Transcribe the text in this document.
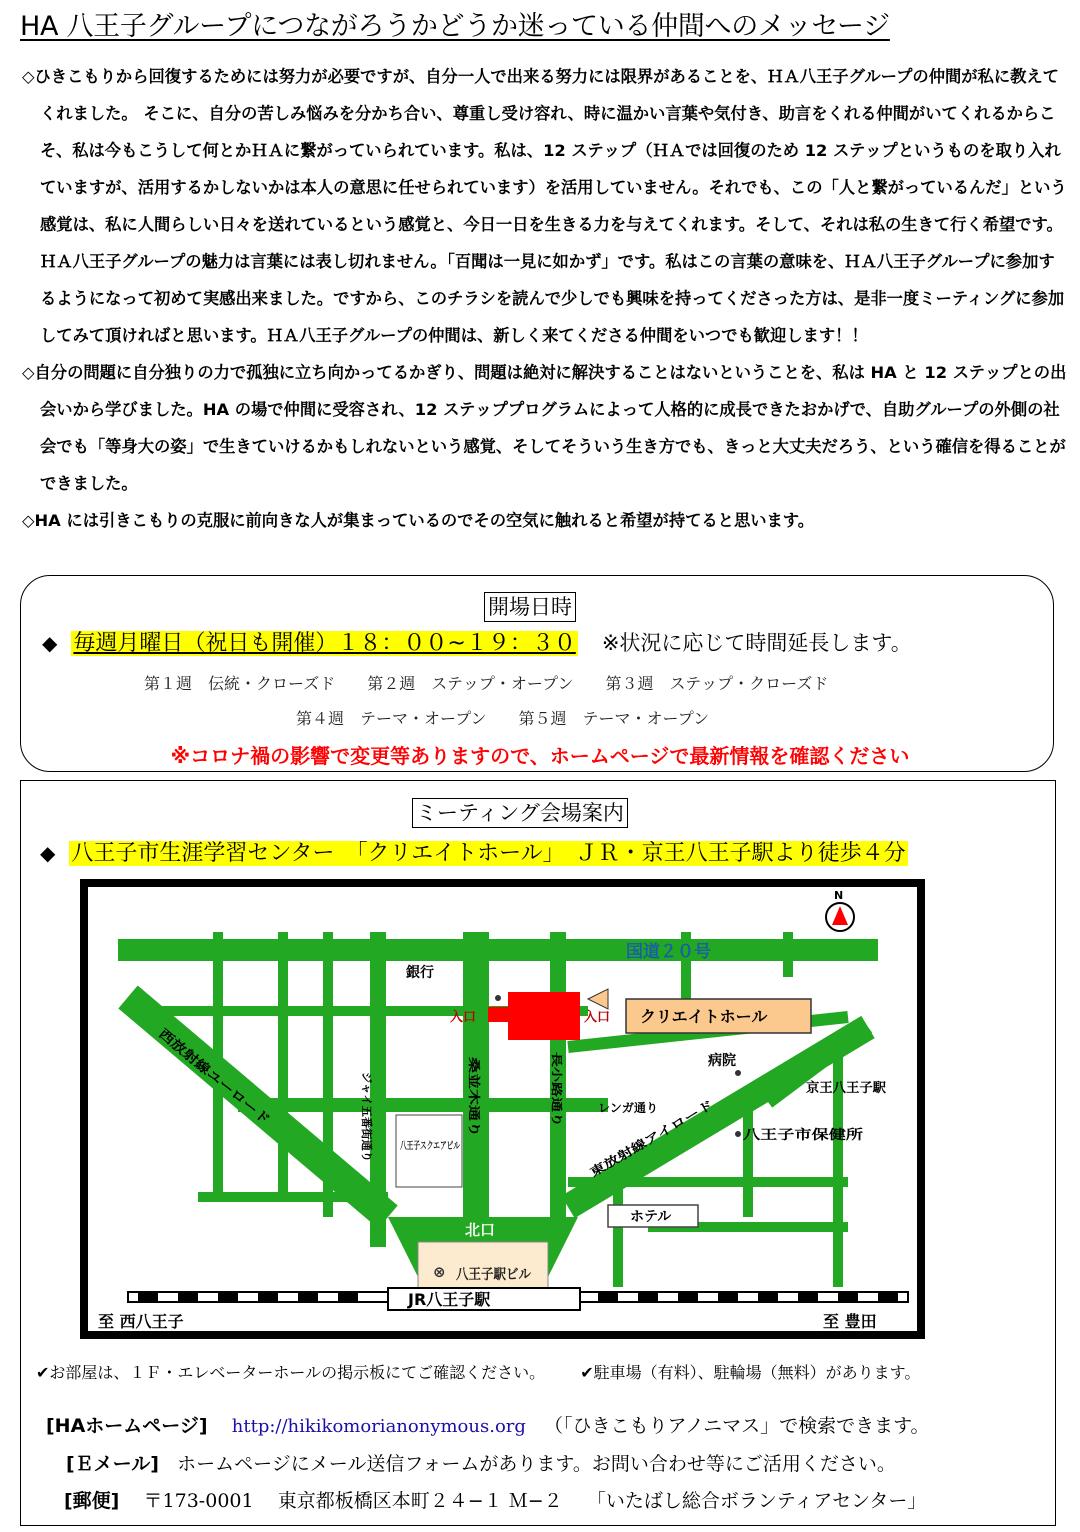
HA 八王子グループにつながろうかどうか迷っている仲間へのメッセージ

◇ひきこもりから回復するためには努力が必要ですが、自分一人で出来る努力には限界があることを、ＨＡ八王子グループの仲間が私に教えてくれました。 そこに、自分の苦しみ悩みを分かち合い、尊重し受け容れ、時に温かい言葉や気付き、助言をくれる仲間がいてくれるからこそ、私は今もこうして何とかＨＡに繋がっていられています。私は、12 ステップ（ＨＡでは回復のため 12 ステップというものを取り入れていますが、活用するかしないかは本人の意思に任せられています）を活用していません。それでも、この「人と繋がっているんだ」という感覚は、私に人間らしい日々を送れているという感覚と、今日一日を生きる力を与えてくれます。そして、それは私の生きて行く希望です。ＨＡ八王子グループの魅力は言葉には表し切れません。「百聞は一見に如かず」です。私はこの言葉の意味を、ＨＡ八王子グループに参加するようになって初めて実感出来ました。ですから、このチラシを読んで少しでも興味を持ってくださった方は、是非一度ミーティングに参加してみて頂ければと思います。ＨＡ八王子グループの仲間は、新しく来てくださる仲間をいつでも歓迎します！！

◇自分の問題に自分独りの力で孤独に立ち向かってるかぎり、問題は絶対に解決することはないということを、私は HA と 12 ステップとの出会いから学びました。HA の場で仲間に受容され、12 ステッププログラムによって人格的に成長できたおかげで、自助グループの外側の社会でも「等身大の姿」で生きていけるかもしれないという感覚、そしてそういう生き方でも、きっと大丈夫だろう、という確信を得ることができました。

◇HA には引きこもりの克服に前向きな人が集まっているのでその空気に触れると希望が持てると思います。

開場日時
◆ 毎週月曜日（祝日も開催）１８：００~１９：３０ ※状況に応じて時間延長します。
第１週　伝統・クローズド　　第２週　ステップ・オープン　　第３週　ステップ・クローズド
第４週　テーマ・オープン　　第５週　テーマ・オープン
※コロナ禍の影響で変更等ありますので、ホームページで最新情報を確認ください
ミーティング会場案内
◆ 八王子市生涯学習センター　「クリエイトホール」　ＪＲ・京王八王子駅より徒歩４分
⊗ 八王子駅ビル
北口
JR八王子駅
至 西八王子	至 豊田
N
国道２０号
入口	入口 クリエイトホール
銀行
病院
八王子スクエアビル
ホテル
西放射線ユーロード
ジャイ五番街通り	桑並木通り	長小路通り
レンガ通り
東放射線アイロード
京王八王子駅
八王子市保健所
✔お部屋は、１Ｆ・エレベーターホールの掲示板にてご確認ください。 ✔駐車場（有料）、駐輪場（無料）があります。
[HAホームページ] http://hikikomorianonymous.org （「ひきこもりアノニマス」で検索できます。
[Ｅメール] ホームページにメール送信フォームがあります。お問い合わせ等にご活用ください。
[郵便] 〒173-0001 東京都板橋区本町２４−１ Ｍ−２ 「いたばし総合ボランティアセンター」
